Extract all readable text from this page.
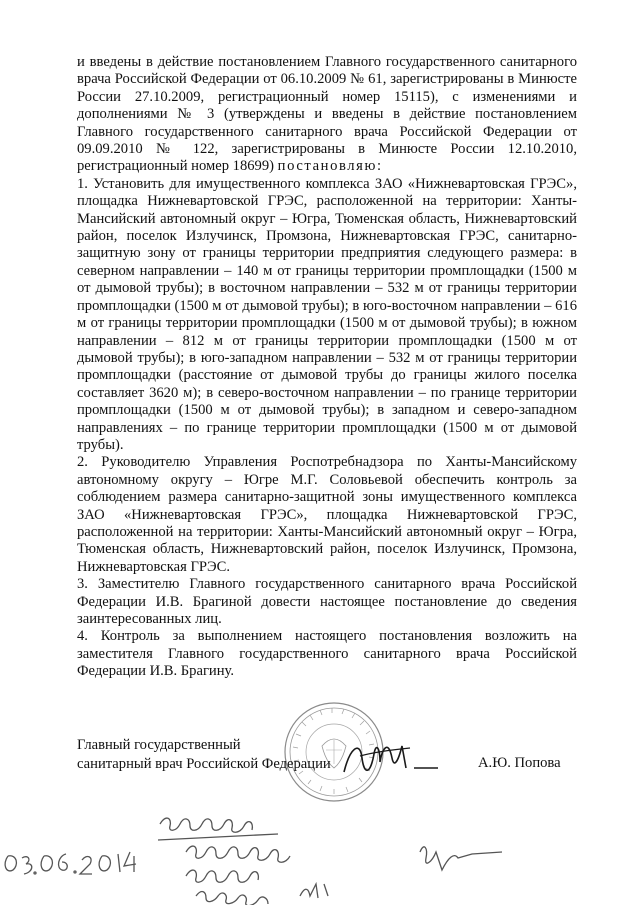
и введены в действие постановлением Главного государственного санитарного врача Российской Федерации от 06.10.2009 № 61, зарегистрированы в Минюсте России 27.10.2009, регистрационный номер 15115), с изменениями и дополнениями № 3 (утверждены и введены в действие постановлением Главного государственного санитарного врача Российской Федерации от 09.09.2010 № 122, зарегистрированы в Минюсте России 12.10.2010, регистрационный номер 18699) постановляю:

1. Установить для имущественного комплекса ЗАО «Нижневартовская ГРЭС», площадка Нижневартовской ГРЭС, расположенной на территории: Ханты-Мансийский автономный округ – Югра, Тюменская область, Нижневартовский район, поселок Излучинск, Промзона, Нижневартовская ГРЭС, санитарно-защитную зону от границы территории предприятия следующего размера: в северном направлении – 140 м от границы территории промплощадки (1500 м от дымовой трубы); в восточном направлении – 532 м от границы территории промплощадки (1500 м от дымовой трубы); в юго-восточном направлении – 616 м от границы территории промплощадки (1500 м от дымовой трубы); в южном направлении – 812 м от границы территории промплощадки (1500 м от дымовой трубы); в юго-западном направлении – 532 м от границы территории промплощадки (расстояние от дымовой трубы до границы жилого поселка составляет 3620 м); в северо-восточном направлении – по границе территории промплощадки (1500 м от дымовой трубы); в западном и северо-западном направлениях – по границе территории промплощадки (1500 м от дымовой трубы).

2. Руководителю Управления Роспотребнадзора по Ханты-Мансийскому автономному округу – Югре М.Г. Соловьевой обеспечить контроль за соблюдением размера санитарно-защитной зоны имущественного комплекса ЗАО «Нижневартовская ГРЭС», площадка Нижневартовской ГРЭС, расположенной на территории: Ханты-Мансийский автономный округ – Югра, Тюменская область, Нижневартовский район, поселок Излучинск, Промзона, Нижневартовская ГРЭС.

3. Заместителю Главного государственного санитарного врача Российской Федерации И.В. Брагиной довести настоящее постановление до сведения заинтересованных лиц.

4. Контроль за выполнением настоящего постановления возложить на заместителя Главного государственного санитарного врача Российской Федерации И.В. Брагину.

Главный государственный
санитарный врач Российской Федерации	А.Ю. Попова
